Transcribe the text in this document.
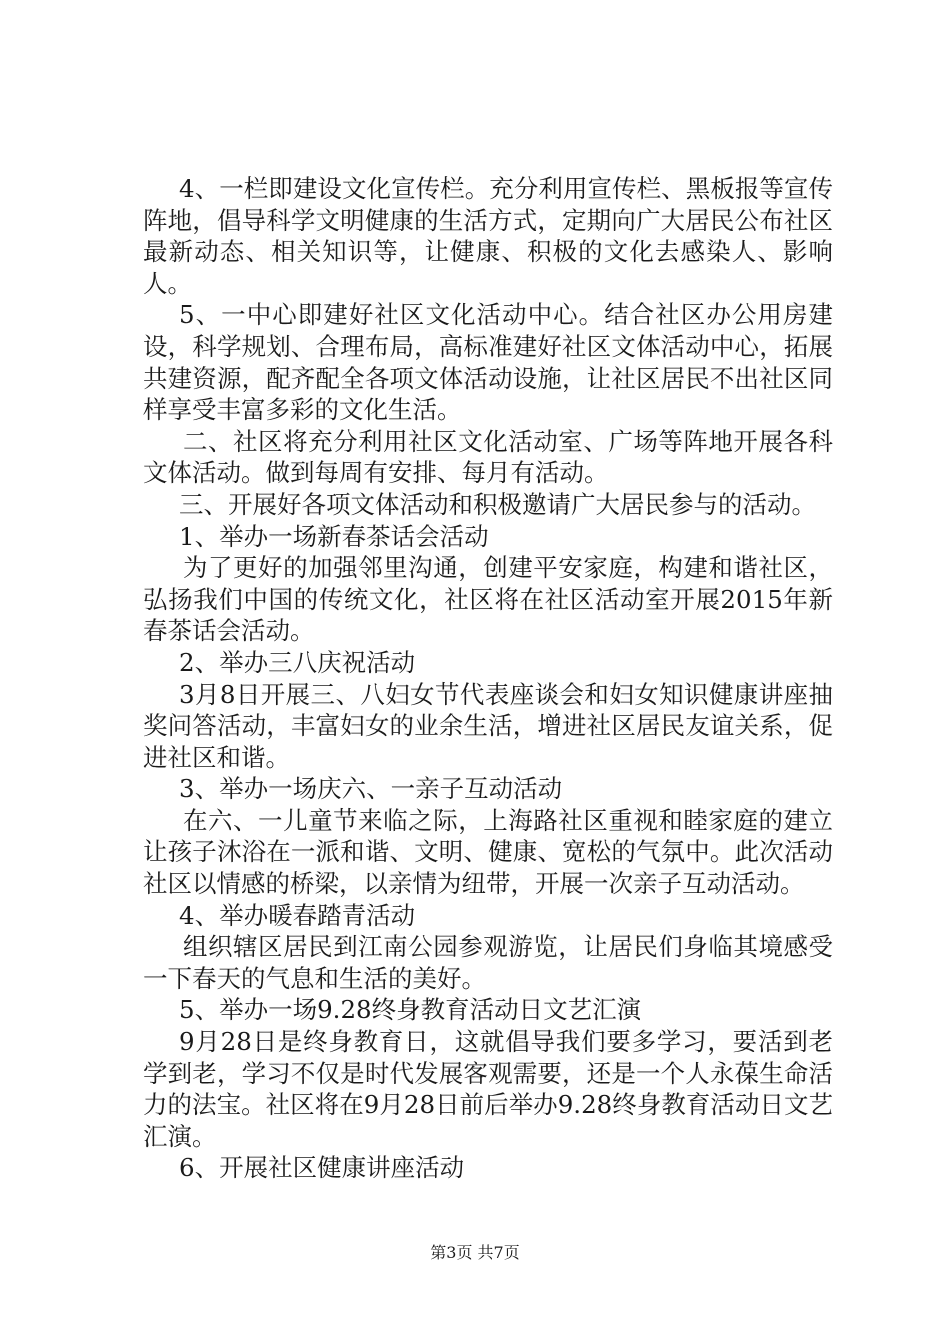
4、一栏即建设文化宣传栏。充分利用宣传栏、黑板报等宣传阵地，倡导科学文明健康的生活方式，定期向广大居民公布社区最新动态、相关知识等，让健康、积极的文化去感染人、影响人。

5、一中心即建好社区文化活动中心。结合社区办公用房建设，科学规划、合理布局，高标准建好社区文体活动中心，拓展共建资源，配齐配全各项文体活动设施，让社区居民不出社区同样享受丰富多彩的文化生活。

二、社区将充分利用社区文化活动室、广场等阵地开展各科文体活动。做到每周有安排、每月有活动。

三、开展好各项文体活动和积极邀请广大居民参与的活动。

1、举办一场新春茶话会活动

为了更好的加强邻里沟通，创建平安家庭，构建和谐社区，弘扬我们中国的传统文化，社区将在社区活动室开展2015年新春茶话会活动。

2、举办三八庆祝活动

3月8日开展三、八妇女节代表座谈会和妇女知识健康讲座抽奖问答活动，丰富妇女的业余生活，增进社区居民友谊关系，促进社区和谐。

3、举办一场庆六、一亲子互动活动

在六、一儿童节来临之际，上海路社区重视和睦家庭的建立让孩子沐浴在一派和谐、文明、健康、宽松的气氛中。此次活动社区以情感的桥梁，以亲情为纽带，开展一次亲子互动活动。

4、举办暖春踏青活动

组织辖区居民到江南公园参观游览，让居民们身临其境感受一下春天的气息和生活的美好。

5、举办一场9.28终身教育活动日文艺汇演

9月28日是终身教育日，这就倡导我们要多学习，要活到老学到老，学习不仅是时代发展客观需要，还是一个人永葆生命活力的法宝。社区将在9月28日前后举办9.28终身教育活动日文艺汇演。

6、开展社区健康讲座活动

第3页 共7页
